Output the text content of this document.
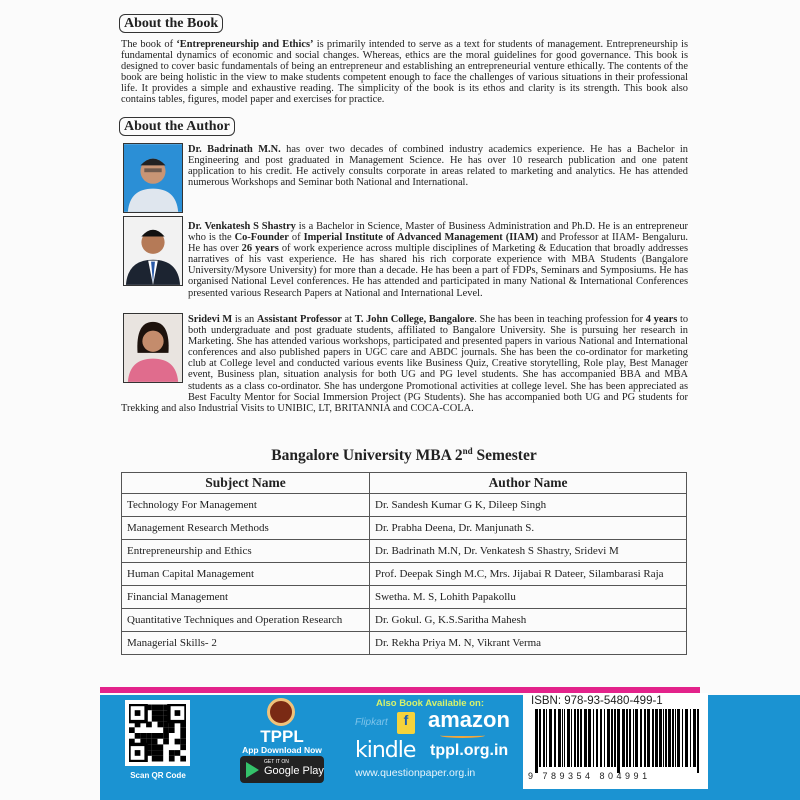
About the Book

The book of ‘Entrepreneurship and Ethics’ is primarily intended to serve as a text for students of management. Entrepreneurship is fundamental dynamics of economic and social changes. Whereas, ethics are the moral guidelines for good governance. This book is designed to cover basic fundamentals of being an entrepreneur and establishing an entrepreneurial venture ethically. The contents of the book are being holistic in the view to make students competent enough to face the challenges of various situations in their professional life. It provides a simple and exhaustive reading. The simplicity of the book is its ethos and clarity is its strength. This book also contains tables, figures, model paper and exercises for practice.

About the Author

Dr. Badrinath M.N. has over two decades of combined industry academics experience. He has a Bachelor in Engineering and post graduated in Management Science. He has over 10 research publication and one patent application to his credit. He actively consults corporate in areas related to marketing and analytics. He has attended numerous Workshops and Seminar both National and International.

Dr. Venkatesh S Shastry is a Bachelor in Science, Master of Business Administration and Ph.D. He is an entrepreneur who is the Co-Founder of Imperial Institute of Advanced Management (IIAM) and Professor at IIAM- Bengaluru. He has over 26 years of work experience across multiple disciplines of Marketing & Education that broadly addresses narratives of his vast experience. He has shared his rich corporate experience with MBA Students (Bangalore University/Mysore University) for more than a decade. He has been a part of FDPs, Seminars and Symposiums. He has organised National Level conferences. He has attended and participated in many National & International Conferences presented various Research Papers at National and International Level.

Sridevi M is an Assistant Professor at T. John College, Bangalore. She has been in teaching profession for 4 years to both undergraduate and post graduate students, affiliated to Bangalore University. She is pursuing her research in Marketing. She has attended various workshops, participated and presented papers in various National and International conferences and also published papers in UGC care and ABDC journals. She has been the co-ordinator for marketing club at College level and conducted various events like Business Quiz, Creative storytelling, Role play, Best Manager event, Business plan, situation analysis for both UG and PG level students. She has accompanied BBA and MBA students as a class co-ordinator. She has undergone Promotional activities at college level. She has been appreciated as Best Faculty Mentor for Social Immersion Project (PG Students). She has accompanied both UG and PG students for Trekking and also Industrial Visits to UNIBIC, LT, BRITANNIA and COCA-COLA.

Bangalore University MBA 2nd Semester
Subject Name	Author Name
Technology For Management	Dr. Sandesh Kumar G K, Dileep Singh
Management Research Methods	Dr. Prabha Deena, Dr. Manjunath S.
Entrepreneurship and Ethics	Dr. Badrinath M.N, Dr. Venkatesh S Shastry, Sridevi M
Human Capital Management	Prof. Deepak Singh M.C, Mrs. Jijabai R Dateer, Silambarasi Raja
Financial Management	Swetha. M. S, Lohith Papakollu
Quantitative Techniques and Operation Research	Dr. Gokul. G, K.S.Saritha Mahesh
Managerial Skills- 2	Dr. Rekha Priya M. N, Vikrant Verma
Scan QR Code
TPPL
App Download Now
GET IT ON
Google Play
Also Book Available on:
Flipkart	f amazon
kindle tppl.org.in
www.questionpaper.org.in
ISBN: 978-93-5480-499-1
9 789354 804991
